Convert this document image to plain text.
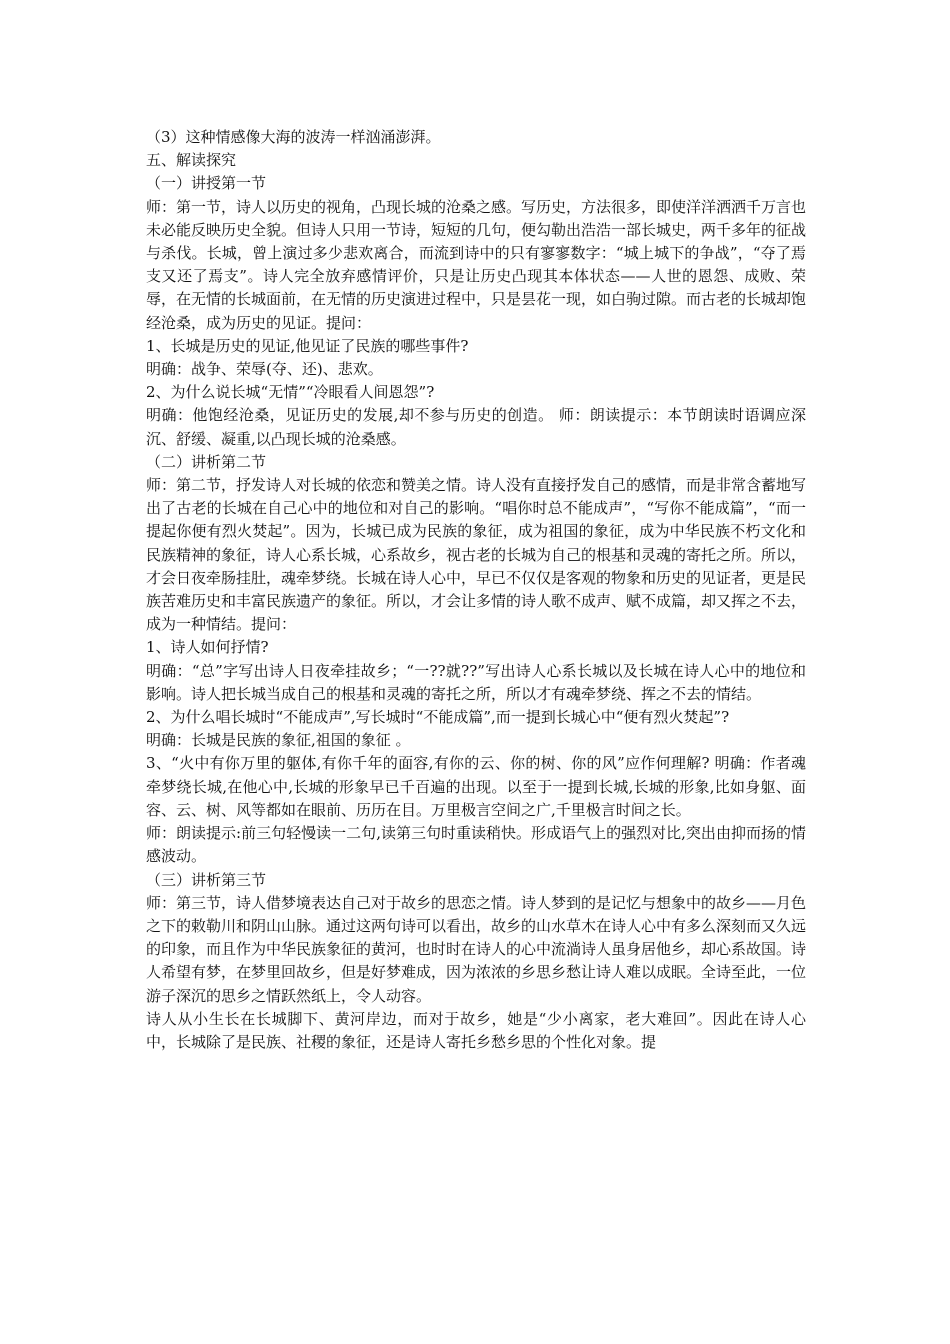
（3）这种情感像大海的波涛一样汹涌澎湃。

五、解读探究

（一）讲授第一节

师：第一节，诗人以历史的视角，凸现长城的沧桑之感。写历史，方法很多，即使洋洋洒洒千万言也未必能反映历史全貌。但诗人只用一节诗，短短的几句，便勾勒出浩浩一部长城史，两千多年的征战与杀伐。长城，曾上演过多少悲欢离合，而流到诗中的只有寥寥数字：“城上城下的争战”，“夺了焉支又还了焉支”。诗人完全放弃感情评价，只是让历史凸现其本体状态——人世的恩怨、成败、荣辱，在无情的长城面前，在无情的历史演进过程中，只是昙花一现，如白驹过隙。而古老的长城却饱经沧桑，成为历史的见证。提问：

1、长城是历史的见证,他见证了民族的哪些事件?

明确：战争、荣辱(夺、还)、悲欢。

2、为什么说长城“无情”“冷眼看人间恩怨”?

明确：他饱经沧桑，见证历史的发展,却不参与历史的创造。 师：朗读提示：本节朗读时语调应深沉、舒缓、凝重,以凸现长城的沧桑感。

（二）讲析第二节

师：第二节，抒发诗人对长城的依恋和赞美之情。诗人没有直接抒发自己的感情，而是非常含蓄地写出了古老的长城在自己心中的地位和对自己的影响。“唱你时总不能成声”，“写你不能成篇”，“而一提起你便有烈火焚起”。因为，长城已成为民族的象征，成为祖国的象征，成为中华民族不朽文化和民族精神的象征，诗人心系长城，心系故乡，视古老的长城为自己的根基和灵魂的寄托之所。所以，才会日夜牵肠挂肚，魂牵梦绕。长城在诗人心中，早已不仅仅是客观的物象和历史的见证者，更是民族苦难历史和丰富民族遗产的象征。所以，才会让多情的诗人歌不成声、赋不成篇，却又挥之不去，成为一种情结。提问：

1、诗人如何抒情?

明确：“总”字写出诗人日夜牵挂故乡；“一??就??”写出诗人心系长城以及长城在诗人心中的地位和影响。诗人把长城当成自己的根基和灵魂的寄托之所，所以才有魂牵梦绕、挥之不去的情结。

2、为什么唱长城时“不能成声”,写长城时“不能成篇”,而一提到长城心中“便有烈火焚起”?

明确：长城是民族的象征,祖国的象征 。

3、“火中有你万里的躯体,有你千年的面容,有你的云、你的树、你的风”应作何理解? 明确：作者魂牵梦绕长城,在他心中,长城的形象早已千百遍的出现。以至于一提到长城,长城的形象,比如身躯、面容、云、树、风等都如在眼前、历历在目。万里极言空间之广,千里极言时间之长。

师：朗读提示:前三句轻慢读一二句,读第三句时重读稍快。形成语气上的强烈对比,突出由抑而扬的情感波动。

（三）讲析第三节

师：第三节，诗人借梦境表达自己对于故乡的思恋之情。诗人梦到的是记忆与想象中的故乡——月色之下的敕勒川和阴山山脉。通过这两句诗可以看出，故乡的山水草木在诗人心中有多么深刻而又久远的印象，而且作为中华民族象征的黄河，也时时在诗人的心中流淌诗人虽身居他乡，却心系故国。诗人希望有梦，在梦里回故乡，但是好梦难成，因为浓浓的乡思乡愁让诗人难以成眠。全诗至此，一位游子深沉的思乡之情跃然纸上，令人动容。

诗人从小生长在长城脚下、黄河岸边，而对于故乡，她是“少小离家，老大难回”。因此在诗人心中，长城除了是民族、社稷的象征，还是诗人寄托乡愁乡思的个性化对象。提
